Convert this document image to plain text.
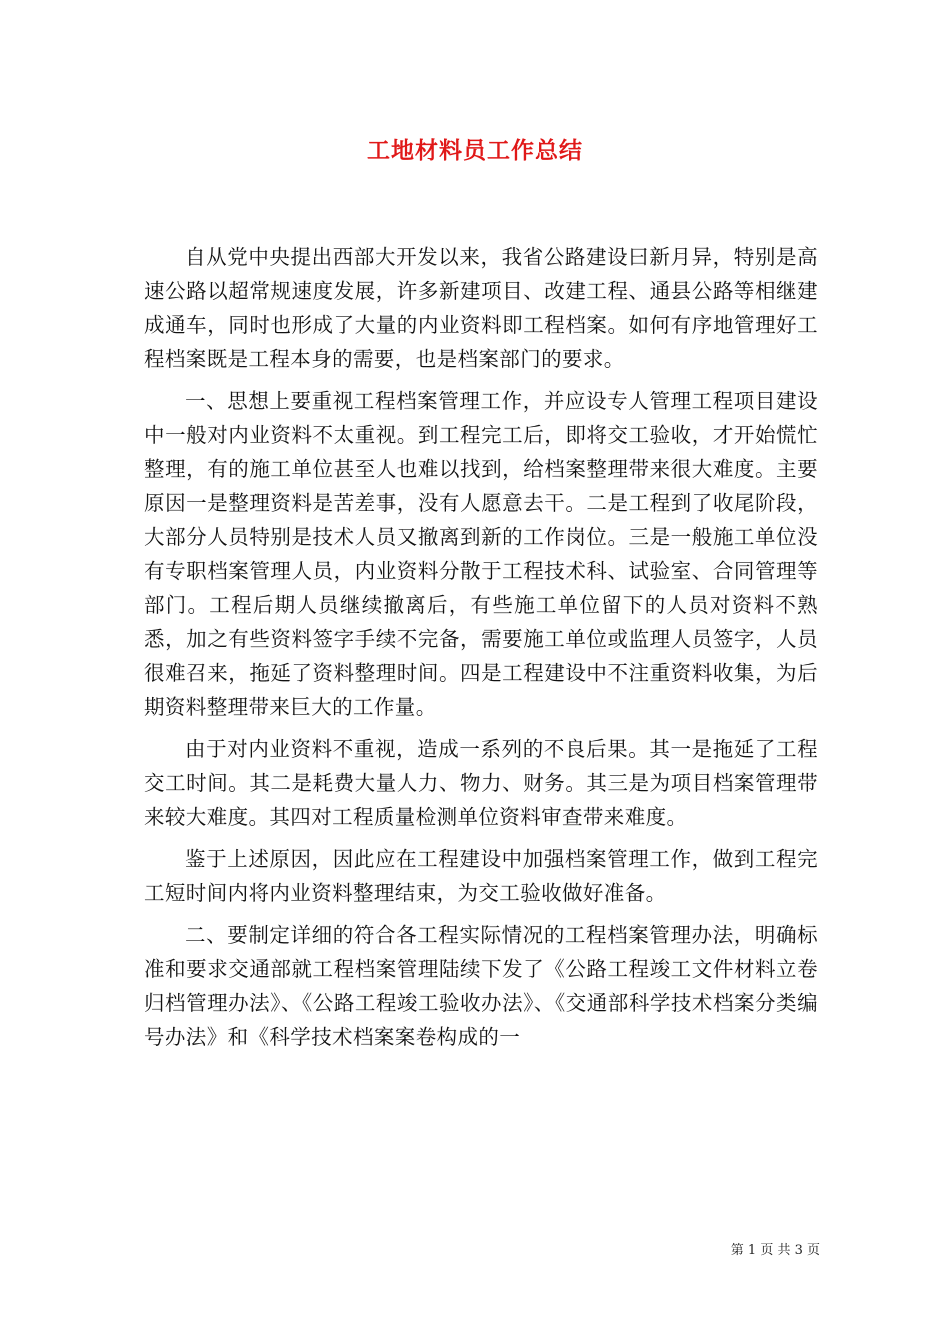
工地材料员工作总结

自从党中央提出西部大开发以来，我省公路建设曰新月异，特别是高速公路以超常规速度发展，许多新建项目、改建工程、通县公路等相继建成通车，同时也形成了大量的内业资料即工程档案。如何有序地管理好工程档案既是工程本身的需要，也是档案部门的要求。

一、思想上要重视工程档案管理工作，并应设专人管理工程项目建设中一般对内业资料不太重视。到工程完工后，即将交工验收，才开始慌忙整理，有的施工单位甚至人也难以找到，给档案整理带来很大难度。主要原因一是整理资料是苦差事，没有人愿意去干。二是工程到了收尾阶段，大部分人员特别是技术人员又撤离到新的工作岗位。三是一般施工单位没有专职档案管理人员，内业资料分散于工程技术科、试验室、合同管理等部门。工程后期人员继续撤离后，有些施工单位留下的人员对资料不熟悉，加之有些资料签字手续不完备，需要施工单位或监理人员签字，人员很难召来，拖延了资料整理时间。四是工程建设中不注重资料收集，为后期资料整理带来巨大的工作量。

由于对内业资料不重视，造成一系列的不良后果。其一是拖延了工程交工时间。其二是耗费大量人力、物力、财务。其三是为项目档案管理带来较大难度。其四对工程质量检测单位资料审查带来难度。

鉴于上述原因，因此应在工程建设中加强档案管理工作，做到工程完工短时间内将内业资料整理结束，为交工验收做好准备。

二、要制定详细的符合各工程实际情况的工程档案管理办法，明确标准和要求交通部就工程档案管理陆续下发了《公路工程竣工文件材料立卷归档管理办法》、《公路工程竣工验收办法》、《交通部科学技术档案分类编号办法》和《科学技术档案案卷构成的一

第 1 页 共 3 页
